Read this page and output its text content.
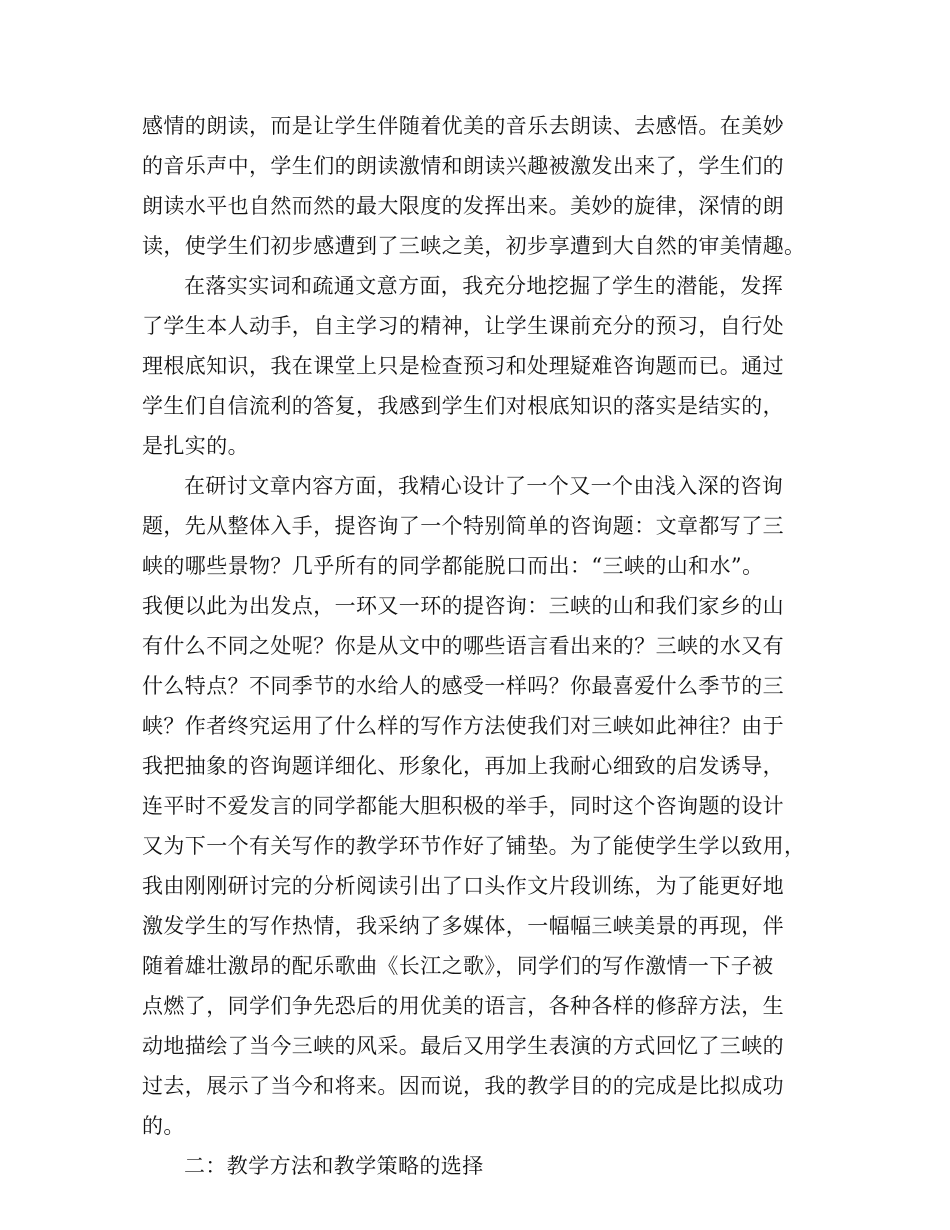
感情的朗读，而是让学生伴随着优美的音乐去朗读、去感悟。在美妙
的音乐声中，学生们的朗读激情和朗读兴趣被激发出来了，学生们的
朗读水平也自然而然的最大限度的发挥出来。美妙的旋律，深情的朗
读，使学生们初步感遭到了三峡之美，初步享遭到大自然的审美情趣。
在落实实词和疏通文意方面，我充分地挖掘了学生的潜能，发挥
了学生本人动手，自主学习的精神，让学生课前充分的预习，自行处
理根底知识，我在课堂上只是检查预习和处理疑难咨询题而已。通过
学生们自信流利的答复，我感到学生们对根底知识的落实是结实的，
是扎实的。
在研讨文章内容方面，我精心设计了一个又一个由浅入深的咨询
题，先从整体入手，提咨询了一个特别简单的咨询题：文章都写了三
峡的哪些景物？几乎所有的同学都能脱口而出：“三峡的山和水”。
我便以此为出发点，一环又一环的提咨询：三峡的山和我们家乡的山
有什么不同之处呢？你是从文中的哪些语言看出来的？三峡的水又有
什么特点？不同季节的水给人的感受一样吗？你最喜爱什么季节的三
峡？作者终究运用了什么样的写作方法使我们对三峡如此神往？由于
我把抽象的咨询题详细化、形象化，再加上我耐心细致的启发诱导，
连平时不爱发言的同学都能大胆积极的举手，同时这个咨询题的设计
又为下一个有关写作的教学环节作好了铺垫。为了能使学生学以致用，
我由刚刚研讨完的分析阅读引出了口头作文片段训练，为了能更好地
激发学生的写作热情，我采纳了多媒体，一幅幅三峡美景的再现，伴
随着雄壮激昂的配乐歌曲《长江之歌》，同学们的写作激情一下子被
点燃了，同学们争先恐后的用优美的语言，各种各样的修辞方法，生
动地描绘了当今三峡的风采。最后又用学生表演的方式回忆了三峡的
过去，展示了当今和将来。因而说，我的教学目的的完成是比拟成功
的。
二：教学方法和教学策略的选择
